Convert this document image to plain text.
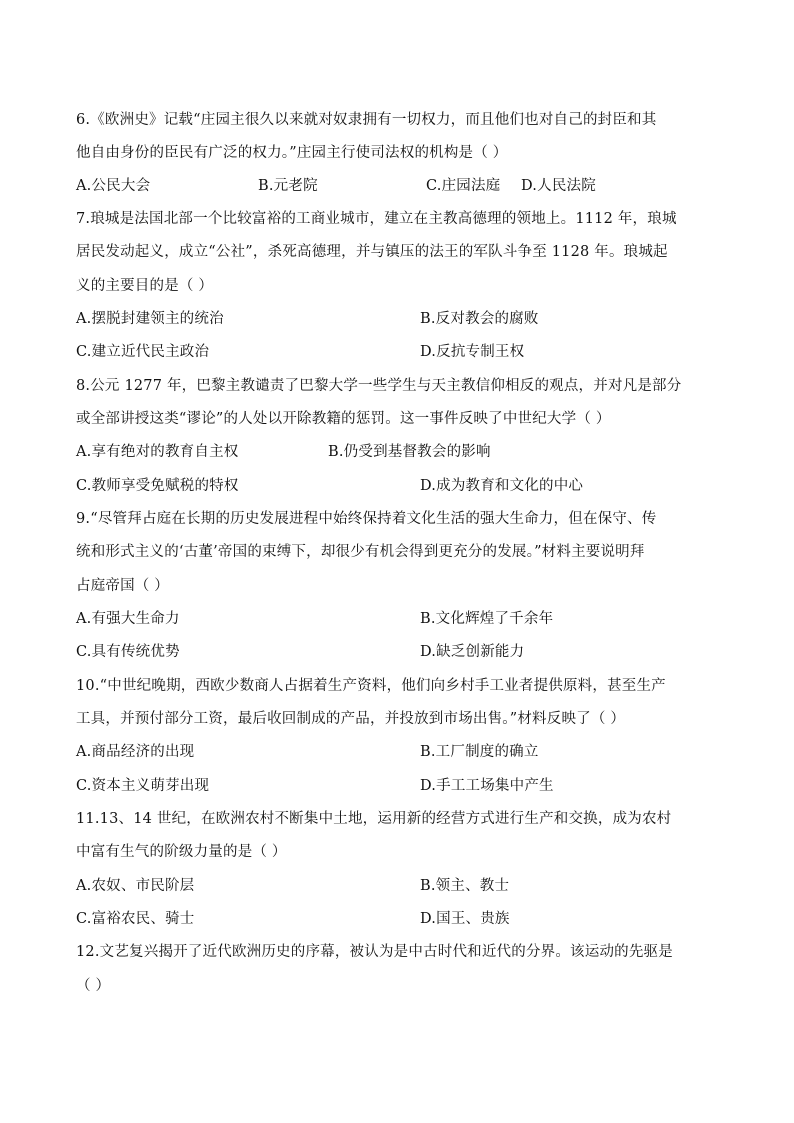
6.《欧洲史》记载“庄园主很久以来就对奴隶拥有一切权力，而且他们也对自己的封臣和其
他自由身份的臣民有广泛的权力。”庄园主行使司法权的机构是（ ）
A.公民大会	B.元老院	C.庄园法庭 D.人民法院
7.琅城是法国北部一个比较富裕的工商业城市，建立在主教高德理的领地上。1112 年，琅城
居民发动起义，成立“公社”，杀死高德理，并与镇压的法王的军队斗争至 1128 年。琅城起
义的主要目的是（ ）
A.摆脱封建领主的统治	B.反对教会的腐败
C.建立近代民主政治	D.反抗专制王权
8.公元 1277 年，巴黎主教谴责了巴黎大学一些学生与天主教信仰相反的观点，并对凡是部分
或全部讲授这类“谬论”的人处以开除教籍的惩罚。这一事件反映了中世纪大学（ ）
A.享有绝对的教育自主权	B.仍受到基督教会的影响
C.教师享受免赋税的特权	D.成为教育和文化的中心
9.“尽管拜占庭在长期的历史发展进程中始终保持着文化生活的强大生命力，但在保守、传
统和形式主义的‘古董’帝国的束缚下，却很少有机会得到更充分的发展。”材料主要说明拜
占庭帝国（ ）
A.有强大生命力	B.文化辉煌了千余年
C.具有传统优势	D.缺乏创新能力
10.“中世纪晚期，西欧少数商人占据着生产资料，他们向乡村手工业者提供原料，甚至生产
工具，并预付部分工资，最后收回制成的产品，并投放到市场出售。”材料反映了（ ）
A.商品经济的出现	B.工厂制度的确立
C.资本主义萌芽出现	D.手工工场集中产生
11.13、14 世纪，在欧洲农村不断集中土地，运用新的经营方式进行生产和交换，成为农村
中富有生气的阶级力量的是（ ）
A.农奴、市民阶层	B.领主、教士
C.富裕农民、骑士	D.国王、贵族
12.文艺复兴揭开了近代欧洲历史的序幕，被认为是中古时代和近代的分界。该运动的先驱是
（ ）
